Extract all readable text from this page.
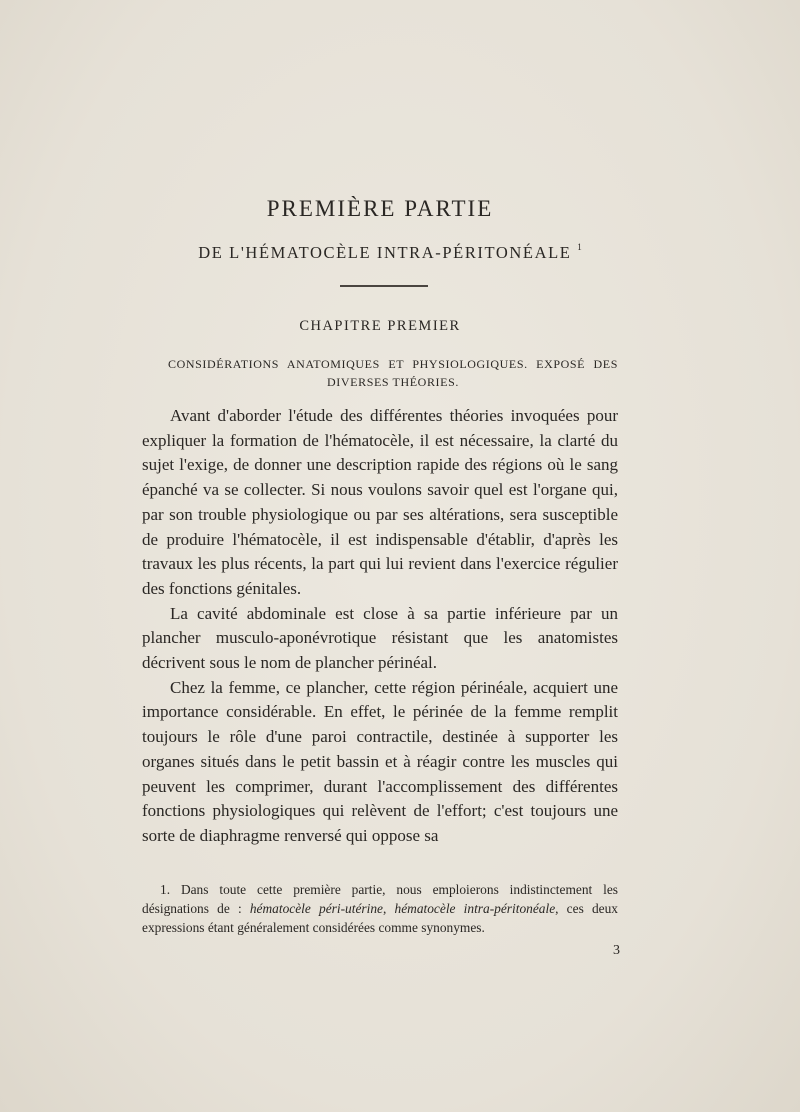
PREMIÈRE PARTIE
DE L'HÉMATOCÈLE INTRA-PÉRITONÉALE $^1$
CHAPITRE PREMIER
CONSIDÉRATIONS ANATOMIQUES ET PHYSIOLOGIQUES. EXPOSÉ DES DIVERSES THÉORIES.

Avant d'aborder l'étude des différentes théories invoquées pour expliquer la formation de l'hématocèle, il est nécessaire, la clarté du sujet l'exige, de donner une description rapide des régions où le sang épanché va se collecter. Si nous voulons savoir quel est l'organe qui, par son trouble physiologique ou par ses altérations, sera susceptible de produire l'hématocèle, il est indispensable d'établir, d'après les travaux les plus récents, la part qui lui revient dans l'exercice régulier des fonctions génitales.

La cavité abdominale est close à sa partie inférieure par un plancher musculo-aponévrotique résistant que les anatomistes décrivent sous le nom de plancher périnéal.

Chez la femme, ce plancher, cette région périnéale, acquiert une importance considérable. En effet, le périnée de la femme remplit toujours le rôle d'une paroi contractile, destinée à supporter les organes situés dans le petit bassin et à réagir contre les muscles qui peuvent les comprimer, durant l'accomplissement des différentes fonctions physiologiques qui relèvent de l'effort; c'est toujours une sorte de diaphragme renversé qui oppose sa

1. Dans toute cette première partie, nous emploierons indistinctement les désignations de : hématocèle péri-utérine, hématocèle intra-péritonéale, ces deux expressions étant généralement considérées comme synonymes.

3
